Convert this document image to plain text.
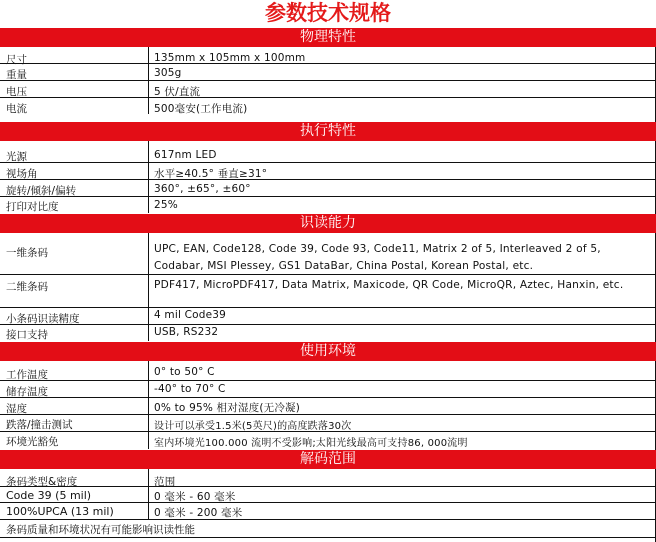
参数技术规格
物理特性
尺寸	135mm x 105mm x 100mm
重量	305g
电压	5 伏/直流
电流	500毫安(工作电流)
执行特性
光源	617nm LED
视场角	水平≥40.5° 垂直≥31°
旋转/倾斜/偏转	360°, ±65°, ±60°
打印对比度	25%
识读能力
一维条码	UPC, EAN, Code128, Code 39, Code 93, Code11, Matrix 2 of 5, Interleaved 2 of 5, Codabar, MSI Plessey, GS1 DataBar, China Postal, Korean Postal, etc.
二维条码	PDF417, MicroPDF417, Data Matrix, Maxicode, QR Code, MicroQR, Aztec, Hanxin, etc.
小条码识读精度	4 mil Code39
接口支持	USB, RS232
使用环境
工作温度	0° to 50° C
储存温度	-40° to 70° C
湿度	0% to 95% 相对湿度(无冷凝)
跌落/撞击测试	设计可以承受1.5米(5英尺)的高度跌落30次
环境光豁免	室内环境光100.000 流明不受影响;太阳光线最高可支持86, 000流明
解码范围
条码类型&密度	范围
Code 39 (5 mil)	0 毫米 - 60 毫米
100%UPCA (13 mil)	0 毫米 - 200 毫米
条码质量和环境状况有可能影响识读性能
